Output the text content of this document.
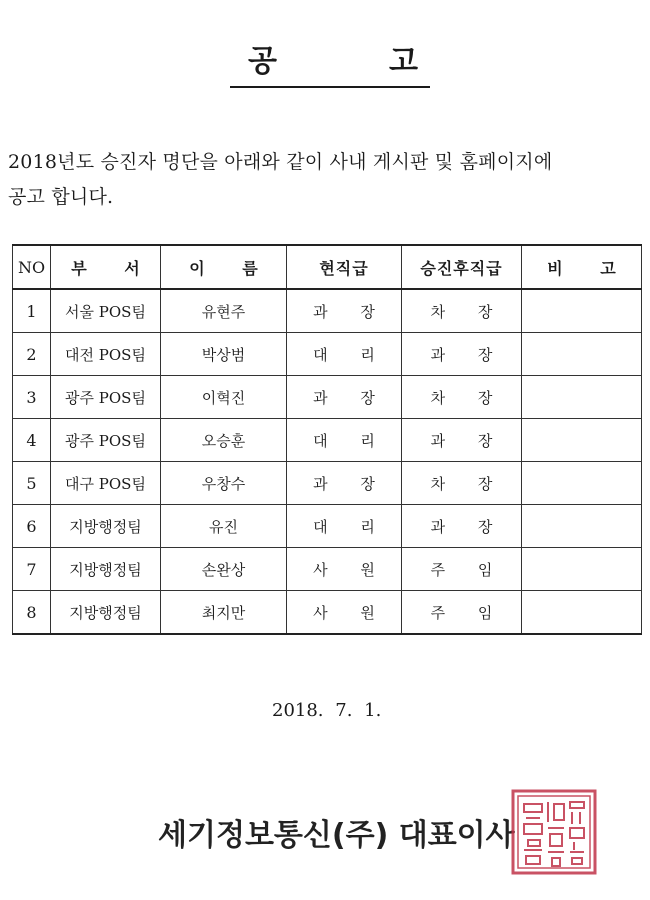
공	고

2018년도 승진자 명단을 아래와 같이 사내 게시판 및 홈페이지에
공고 합니다.

NO	부 서	이 름	현직급	승진후직급	비 고
1	서울 POS팀	유현주	과 장	차 장	
2	대전 POS팀	박상범	대 리	과 장	
3	광주 POS팀	이혁진	과 장	차 장	
4	광주 POS팀	오승훈	대 리	과 장	
5	대구 POS팀	우창수	과 장	차 장	
6	지방행정팀	유진	대 리	과 장	
7	지방행정팀	손완상	사 원	주 임	
8	지방행정팀	최지만	사 원	주 임	
2018. 7. 1.
세기정보통신(주) 대표이사
